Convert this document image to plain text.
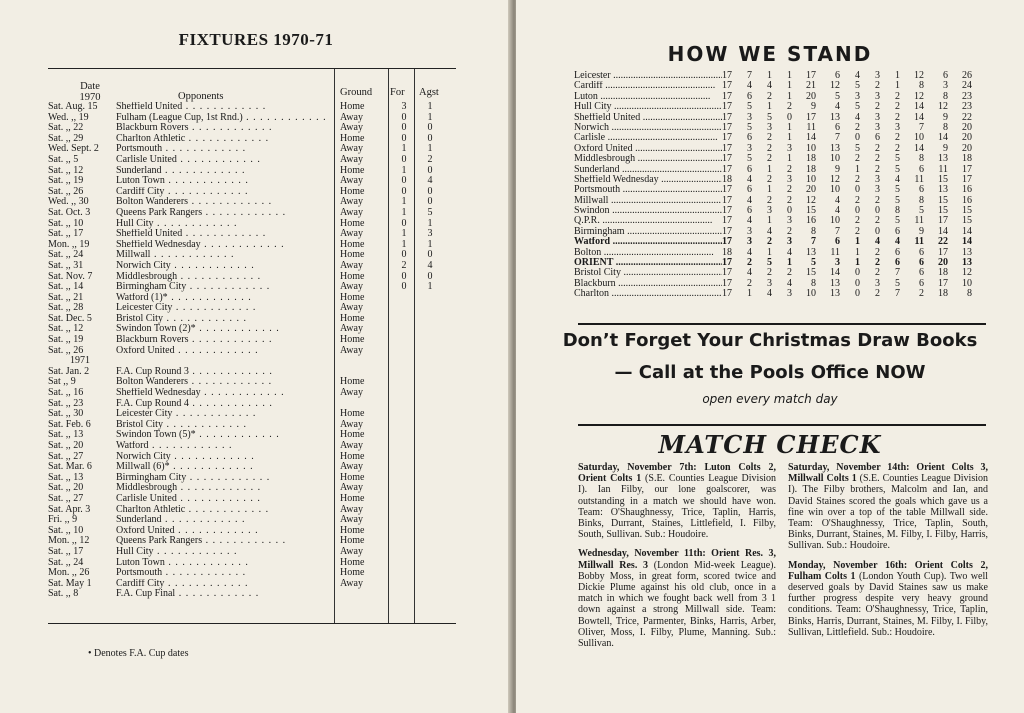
FIXTURES 1970-71
Date
1970	Opponents	Ground For Agst
Sat. Aug. 15	Sheffield United . .	Home	3	1
Wed. ,, 19	Fulham (League Cup, 1st Rnd.) . .	Away	0	1
Sat. ,, 22	Blackburn Rovers . .	Away	0	0
Sat. ,, 29	Charlton Athletic . .	Home	0	0
Wed. Sept. 2	Portsmouth . .	Away	1	1
Sat. ,, 5	Carlisle United . .	Away	0	2
Sat. ,, 12	Sunderland . .	Home	1	0
Sat. ,, 19	Luton Town . .	Away	0	4
Sat. ,, 26	Cardiff City . .	Home	0	0
Wed. ,, 30	Bolton Wanderers . .	Away	1	0
Sat. Oct. 3	Queens Park Rangers . .	Away	1	5
Sat. ,, 10	Hull City . .	Home	0	1
Sat. ,, 17	Sheffield United . .	Away	1	3
Mon. ,, 19	Sheffield Wednesday . .	Home	1	1
Sat. ,, 24	Millwall . .	Home	0	0
Sat. ,, 31	Norwich City . .	Away	2	4
Sat. Nov. 7	Middlesbrough . .	Home	0	0
Sat. ,, 14	Birmingham City . .	Away	0	1
Sat. ,, 21	Watford (1)* . .	Home
Sat. ,, 28	Leicester City . .	Away
Sat. Dec. 5	Bristol City . .	Home
Sat. ,, 12	Swindon Town (2)* . .	Away
Sat. ,, 19	Blackburn Rovers . .	Home
Sat. ,, 26	Oxford United . .	Away
1971
Sat. Jan. 2	F.A. Cup Round 3 . .
Sat ,, 9	Bolton Wanderers . .	Home
Sat. ,, 16	Sheffield Wednesday . .	Away
Sat. ,, 23	F.A. Cup Round 4 . .
Sat. ,, 30	Leicester City . .	Home
Sat. Feb. 6	Bristol City . .	Away
Sat. ,, 13	Swindon Town (5)* . .	Home
Sat. ,, 20	Watford . .	Away
Sat. ,, 27	Norwich City . .	Home
Sat. Mar. 6	Millwall (6)* . .	Away
Sat. ,, 13	Birmingham City . .	Home
Sat. ,, 20	Middlesbrough . .	Away
Sat. ,, 27	Carlisle United . .	Home
Sat. Apr. 3	Charlton Athletic . .	Away
Fri. ,, 9	Sunderland . .	Away
Sat. ,, 10	Oxford United . .	Home
Mon. ,, 12	Queens Park Rangers . .	Home
Sat. ,, 17	Hull City . .	Away
Sat. ,, 24	Luton Town . .	Home
Mon. ,, 26	Portsmouth . .	Home
Sat. May 1	Cardiff City . .	Away
Sat. ,, 8	F.A. Cup Final . .
• Denotes F.A. Cup dates
HOW WE STAND
Leicester .....	17	7	1	1	17	6	4	3	1	12	6	26
Cardiff .....	17	4	4	1	21	12	5	2	1	8	3	24
Luton .....	17	6	2	1	20	5	3	3	2	12	8	23
Hull City .....	17	5	1	2	9	4	5	2	2	14	12	23
Sheffield United .....	17	3	5	0	17	13	4	3	2	14	9	22
Norwich .....	17	5	3	1	11	6	2	3	3	7	8	20
Carlisle .....	17	6	2	1	14	7	0	6	2	10	14	20
Oxford United .....	17	3	2	3	10	13	5	2	2	14	9	20
Middlesbrough .....	17	5	2	1	18	10	2	2	5	8	13	18
Sunderland .....	17	6	1	2	18	9	1	2	5	6	11	17
Sheffield Wednesday .....	18	4	2	3	10	12	2	3	4	11	15	17
Portsmouth .....	17	6	1	2	20	10	0	3	5	6	13	16
Millwall .....	17	4	2	2	12	4	2	2	5	8	15	16
Swindon .....	17	6	3	0	15	4	0	0	8	5	15	15
Q.P.R. .....	17	4	1	3	16	10	2	2	5	11	17	15
Birmingham .....	17	3	4	2	8	7	2	0	6	9	14	14
Watford .....	17	3	2	3	7	6	1	4	4	11	22	14
Bolton .....	18	4	1	4	13	11	1	2	6	6	17	13
ORIENT .....	17	2	5	1	5	3	1	2	6	6	20	13
Bristol City .....	17	4	2	2	15	14	0	2	7	6	18	12
Blackburn .....	17	2	3	4	8	13	0	3	5	6	17	10
Charlton .....	17	1	4	3	10	13	0	2	7	2	18	8
Don’t Forget Your Christmas Draw Books
— Call at the Pools Office NOW
open every match day
MATCH CHECK

Saturday, November 7th: Luton Colts 2, Orient Colts 1 (S.E. Counties League Division I). Ian Filby, our lone goalscorer, was outstanding in a match we should have won. Team: O'Shaughnessy, Trice, Taplin, Harris, Binks, Durrant, Staines, Littlefield, I. Filby, South, Sullivan. Sub.: Houdoire.

Wednesday, November 11th: Orient Res. 3, Millwall Res. 3 (London Mid-week League). Bobby Moss, in great form, scored twice and Dickie Plume against his old club, once in a match in which we fought back well from 3 1 down against a strong Millwall side. Team: Bowtell, Trice, Parmenter, Binks, Harris, Arber, Oliver, Moss, I. Filby, Plume, Manning. Sub.: Sullivan.

Saturday, November 14th: Orient Colts 3, Millwall Colts 1 (S.E. Counties League Division I). The Filby brothers, Malcolm and Ian, and David Staines scored the goals which gave us a fine win over a top of the table Millwall side. Team: O'Shaughnessy, Trice, Taplin, South, Binks, Durrant, Staines, M. Filby, I. Filby, Harris, Sullivan. Sub.: Houdoire.

Monday, November 16th: Orient Colts 2, Fulham Colts 1 (London Youth Cup). Two well deserved goals by David Staines saw us make further progress despite very heavy ground conditions. Team: O'Shaughnessy, Trice, Taplin, Binks, Harris, Durrant, Staines, M. Filby, I. Filby, Sullivan, Littlefield. Sub.: Houdoire.
